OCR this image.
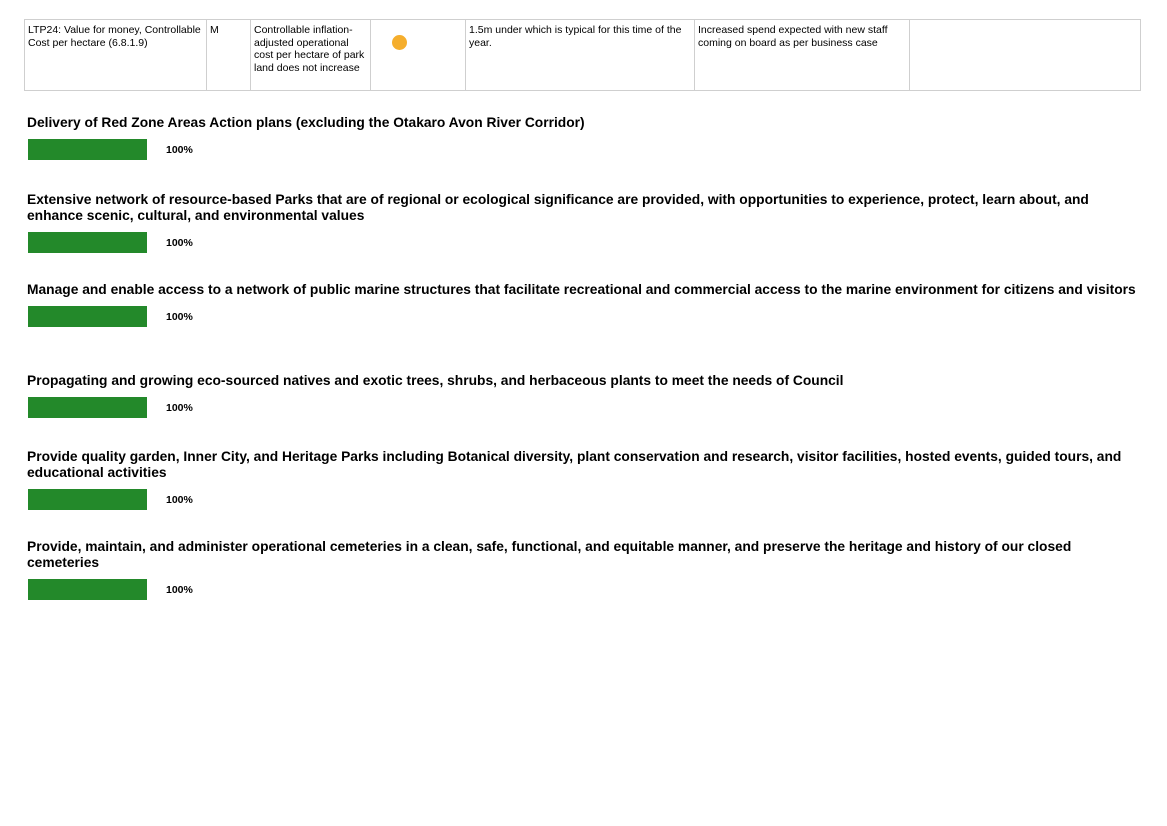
LTP24: Value for money, Controllable Cost per hectare (6.8.1.9)	M	Controllable inflation-adjusted operational cost per hectare of park land does not increase		1.5m under which is typical for this time of the year.	Increased spend expected with new staff coming on board as per business case	
Delivery of Red Zone Areas Action plans (excluding the Otakaro Avon River Corridor)
100%
Extensive network of resource-based Parks that are of regional or ecological significance are provided, with opportunities to experience, protect, learn about, and enhance scenic, cultural, and environmental values
100%
Manage and enable access to a network of public marine structures that facilitate recreational and commercial access to the marine environment for citizens and visitors
100%
Propagating and growing eco-sourced natives and exotic trees, shrubs, and herbaceous plants to meet the needs of Council
100%
Provide quality garden, Inner City, and Heritage Parks including Botanical diversity, plant conservation and research, visitor facilities, hosted events, guided tours, and educational activities
100%
Provide, maintain, and administer operational cemeteries in a clean, safe, functional, and equitable manner, and preserve the heritage and history of our closed cemeteries
100%
